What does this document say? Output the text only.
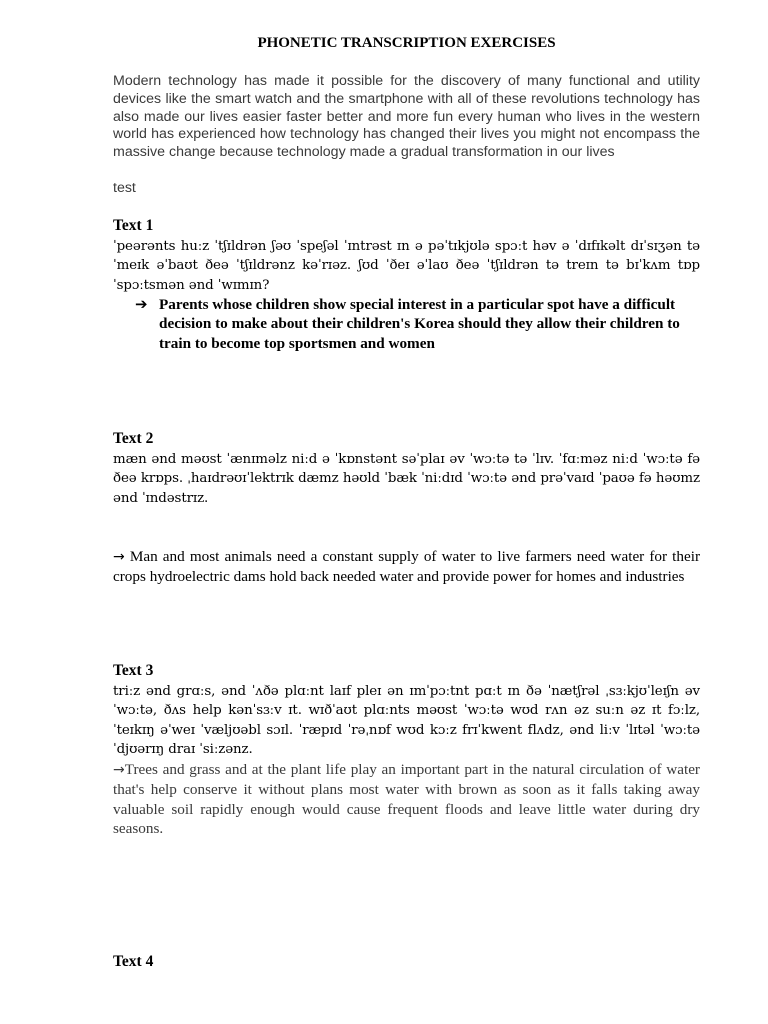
PHONETIC TRANSCRIPTION EXERCISES
Modern technology has made it possible for the discovery of many functional and utility devices like the smart watch and the smartphone with all of these revolutions technology has also made our lives easier faster better and more fun every human who lives in the western world has experienced how technology has changed their lives you might not encompass the massive change because technology made a gradual transformation in our lives
test
Text 1
ˈpeərənts huːz ˈtʃɪldrən ʃəʊ ˈspeʃəl ˈɪntrəst ɪn ə pəˈtɪkjʊlə spɔːt həv ə ˈdɪfɪkəlt dɪˈsɪʒən tə ˈmeɪk əˈbaʊt ðeə ˈtʃɪldrənz kəˈrɪəz. ʃʊd ˈðeɪ əˈlaʊ ðeə ˈtʃɪldrən tə treɪn tə bɪˈkʌm tɒp ˈspɔːtsmən ənd ˈwɪmɪn?
➔ Parents whose children show special interest in a particular spot have a difficult decision to make about their children's Korea should they allow their children to train to become top sportsmen and women
Text 2
mæn ənd məʊst ˈænɪməlz niːd ə ˈkɒnstənt səˈplaɪ əv ˈwɔːtə tə ˈlɪv. ˈfɑːməz niːd ˈwɔːtə fə ðeə krɒps. ˌhaɪdrəʊɪˈlektrɪk dæmz həʊld ˈbæk ˈniːdɪd ˈwɔːtə ənd prəˈvaɪd ˈpaʊə fə həʊmz ənd ˈɪndəstrɪz.
→ Man and most animals need a constant supply of water to live farmers need water for their crops hydroelectric dams hold back needed water and provide power for homes and industries
Text 3
triːz ənd grɑːs, ənd ˈʌðə plɑːnt laɪf pleɪ ən ɪmˈpɔːtnt pɑːt ɪn ðə ˈnætʃrəl ˌsɜːkjʊˈleɪʃn əv ˈwɔːtə, ðʌs help kənˈsɜːv ɪt. wɪðˈaʊt plɑːnts məʊst ˈwɔːtə wʊd rʌn əz suːn əz ɪt fɔːlz, ˈteɪkɪŋ əˈweɪ ˈvæljʊəbl sɔɪl. ˈræpɪd ˈrəˌnɒf wʊd kɔːz frɪˈkwent flʌdz, ənd liːv ˈlɪtəl ˈwɔːtə ˈdjʊərɪŋ draɪ ˈsiːzənz.
→Trees and grass and at the plant life play an important part in the natural circulation of water that's help conserve it without plans most water with brown as soon as it falls taking away valuable soil rapidly enough would cause frequent floods and leave little water during dry seasons.
Text 4
